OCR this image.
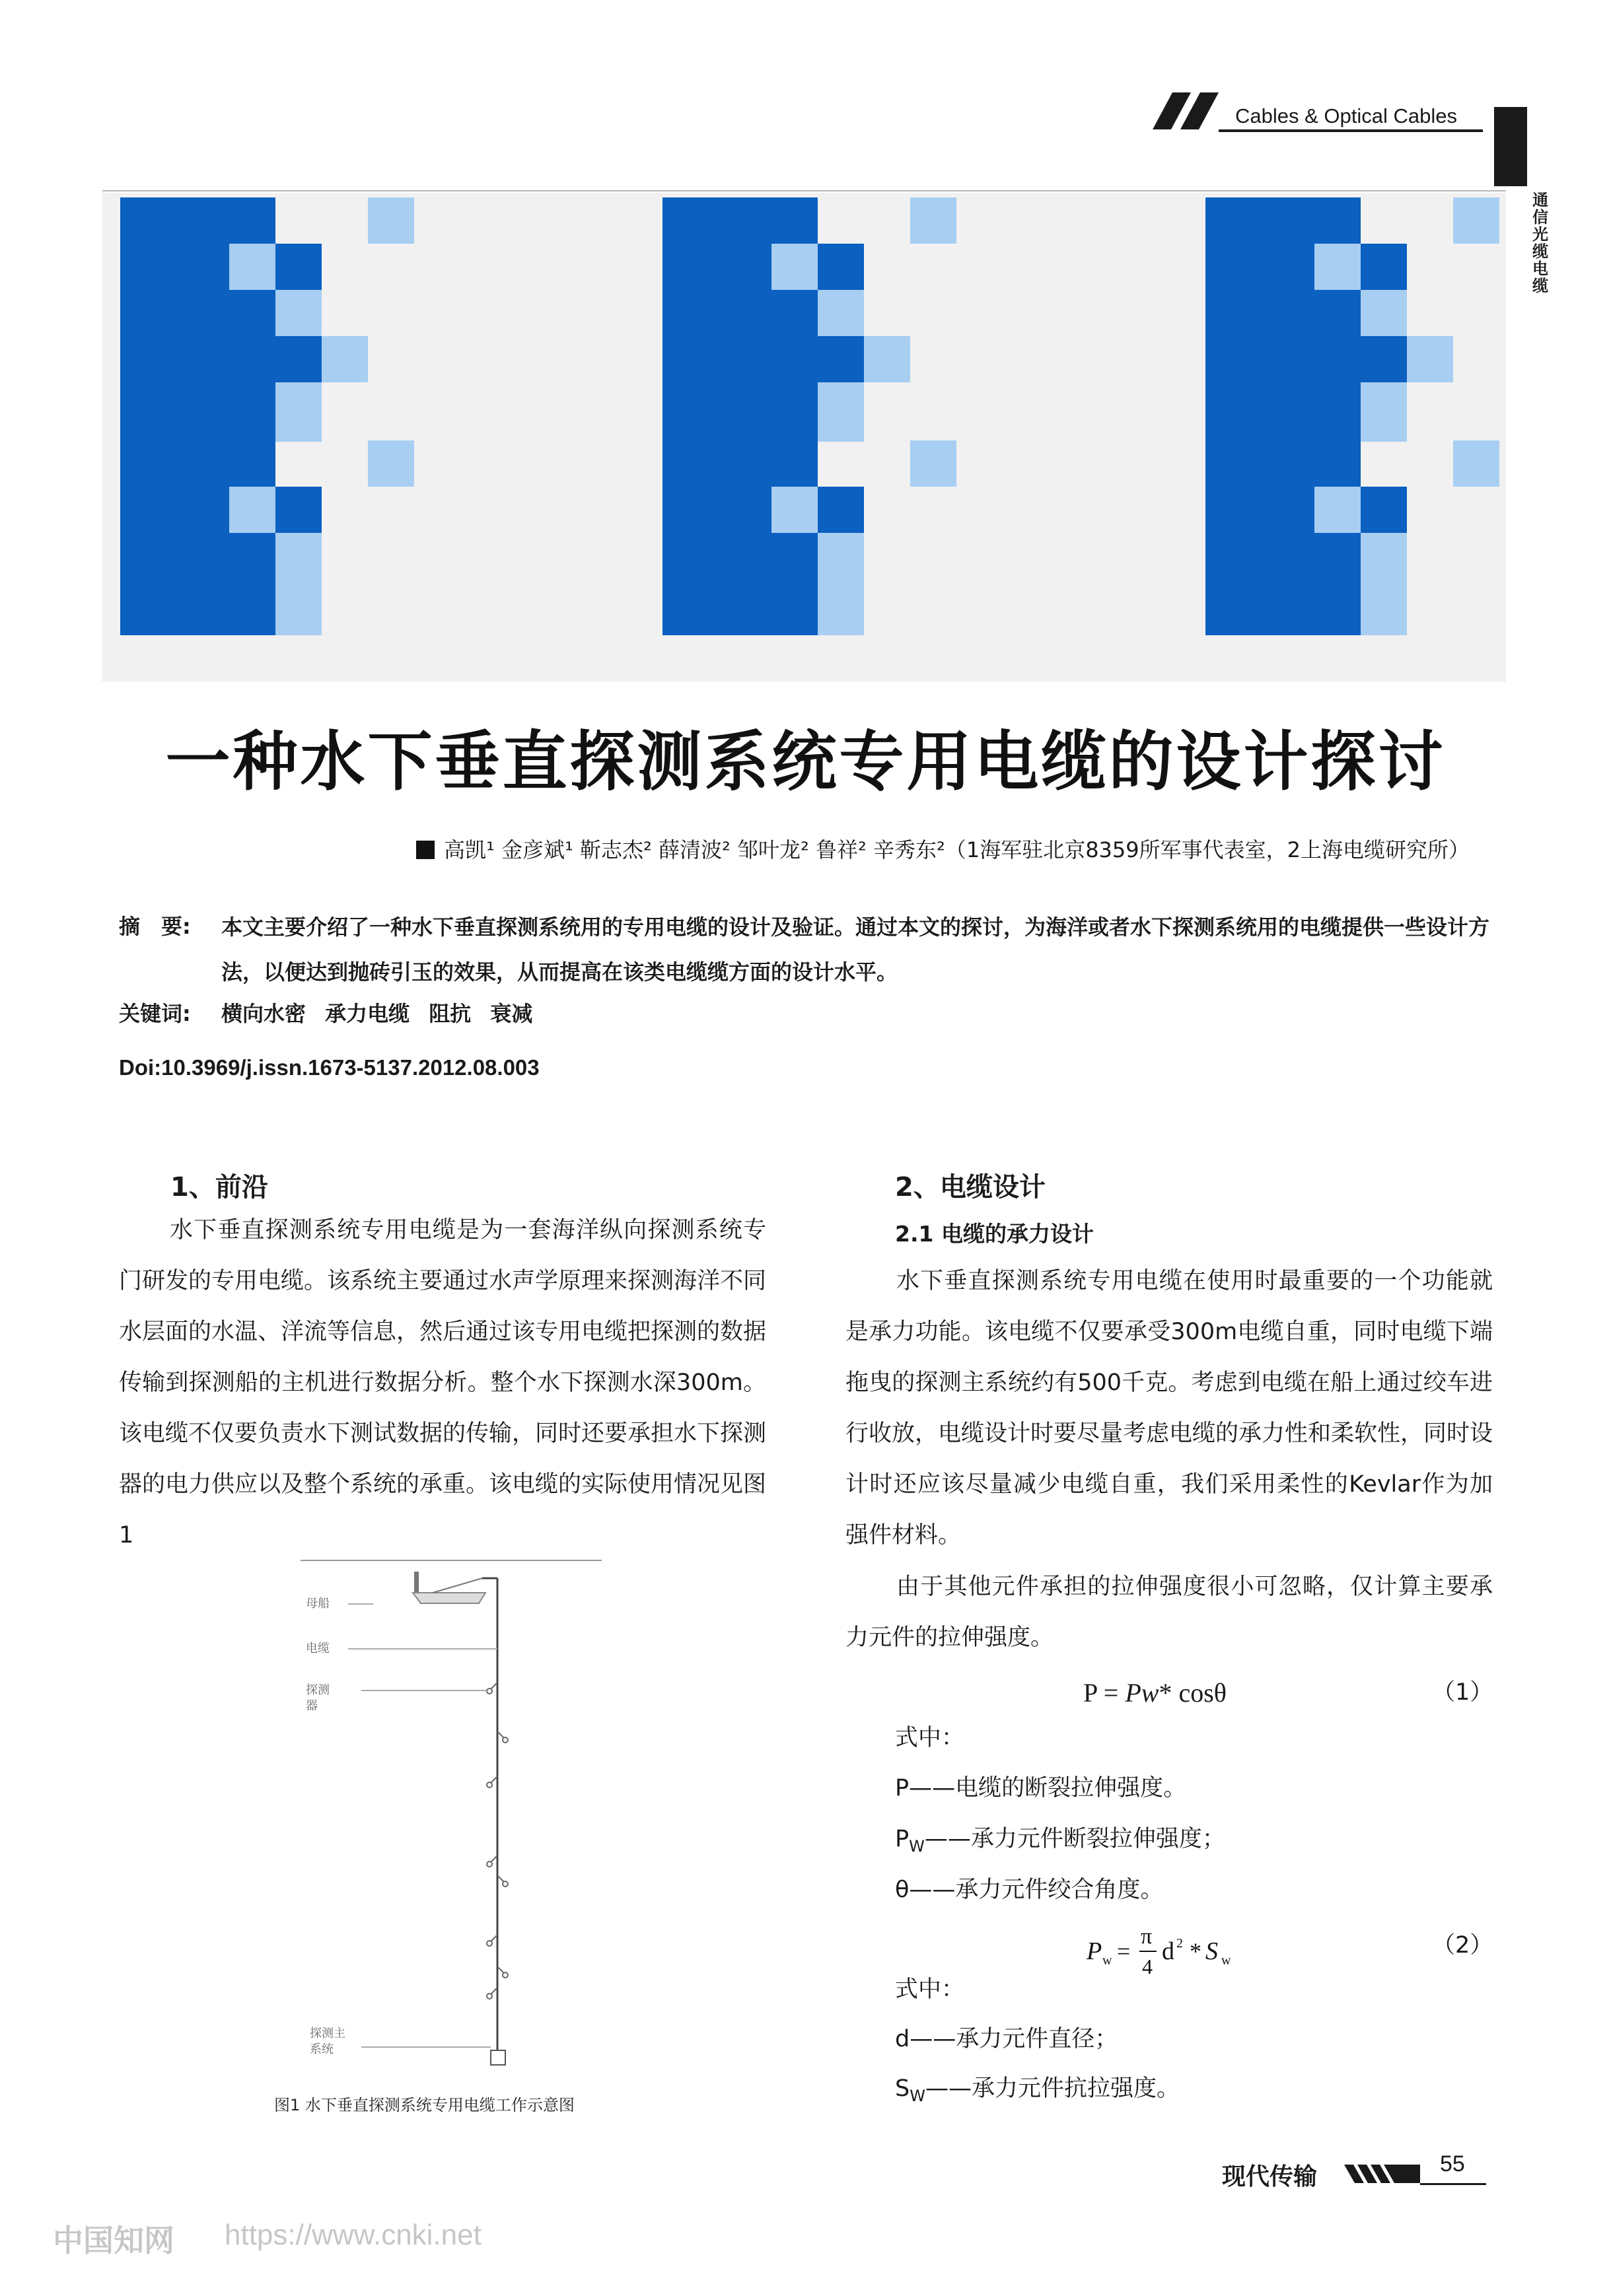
Cables & Optical Cables
通
信
光
缆
电
缆
一种水下垂直探测系统专用电缆的设计探讨
高凯¹ 金彦斌¹ 靳志杰² 薛清波² 邹叶龙² 鲁祥² 辛秀东²（1海军驻北京8359所军事代表室，2上海电缆研究所）
摘　要: 本文主要介绍了一种水下垂直探测系统用的专用电缆的设计及验证。通过本文的探讨，为海洋或者水下探测系统用的电缆提供一些设计方法，以便达到抛砖引玉的效果，从而提高在该类电缆缆方面的设计水平。
关键词: 横向水密 承力电缆 阻抗 衰减
Doi:10.3969/j.issn.1673-5137.2012.08.003
1、前沿
水下垂直探测系统专用电缆是为一套海洋纵向探测系统专门研发的专用电缆。该系统主要通过水声学原理来探测海洋不同水层面的水温、洋流等信息，然后通过该专用电缆把探测的数据传输到探测船的主机进行数据分析。整个水下探测水深300m。该电缆不仅要负责水下测试数据的传输，同时还要承担水下探测器的电力供应以及整个系统的承重。该电缆的实际使用情况见图1
母船
电缆
探测器
探测主系统
图1 水下垂直探测系统专用电缆工作示意图
2、电缆设计
2.1 电缆的承力设计
水下垂直探测系统专用电缆在使用时最重要的一个功能就是承力功能。该电缆不仅要承受300m电缆自重，同时电缆下端拖曳的探测主系统约有500千克。考虑到电缆在船上通过绞车进行收放，电缆设计时要尽量考虑电缆的承力性和柔软性，同时设计时还应该尽量减少电缆自重，我们采用柔性的Kevlar作为加强件材料。
由于其他元件承担的拉伸强度很小可忽略，仅计算主要承力元件的拉伸强度。
P = Pw* cosθ	（1）
式中：
P——电缆的断裂拉伸强度。
$P_W——$承力元件断裂拉伸强度；
θ——承力元件绞合角度。
P w =
π
4
d 2 * S w
（2）
式中：
d——承力元件直径；
$S_W——$承力元件抗拉强度。
现代传输	55
中国知网 https://www.cnki.net
